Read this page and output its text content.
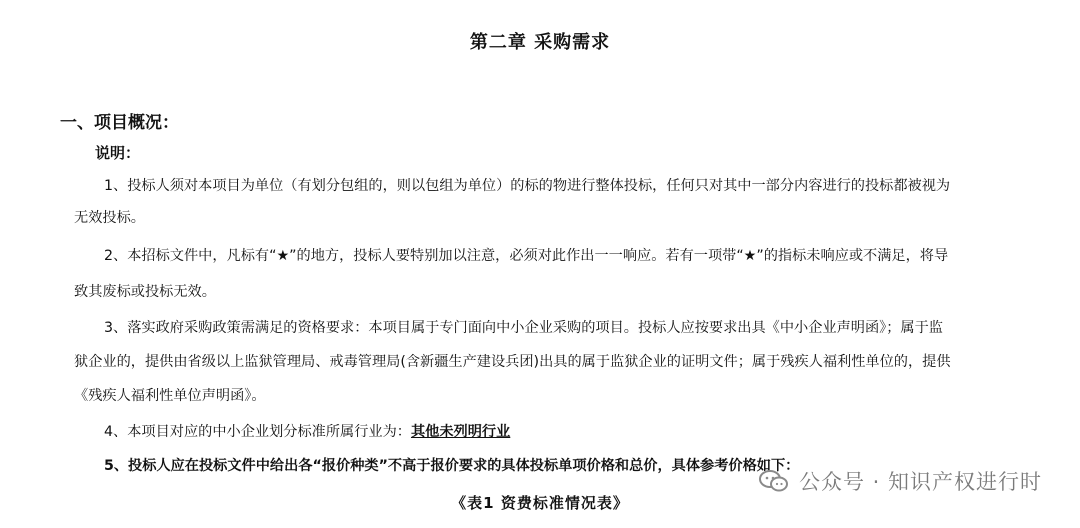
第二章 采购需求
一、项目概况：
说明：
1、投标人须对本项目为单位（有划分包组的，则以包组为单位）的标的物进行整体投标，任何只对其中一部分内容进行的投标都被视为
无效投标。
2、本招标文件中，凡标有“★”的地方，投标人要特别加以注意，必须对此作出一一响应。若有一项带“★”的指标未响应或不满足，将导
致其废标或投标无效。
3、落实政府采购政策需满足的资格要求：本项目属于专门面向中小企业采购的项目。投标人应按要求出具《中小企业声明函》；属于监
狱企业的，提供由省级以上监狱管理局、戒毒管理局(含新疆生产建设兵团)出具的属于监狱企业的证明文件；属于残疾人福利性单位的，提供
《残疾人福利性单位声明函》。
4、本项目对应的中小企业划分标准所属行业为：其他未列明行业
5、投标人应在投标文件中给出各“报价种类”不高于报价要求的具体投标单项价格和总价，具体参考价格如下：
《表1 资费标准情况表》
公众号 · 知识产权进行时
